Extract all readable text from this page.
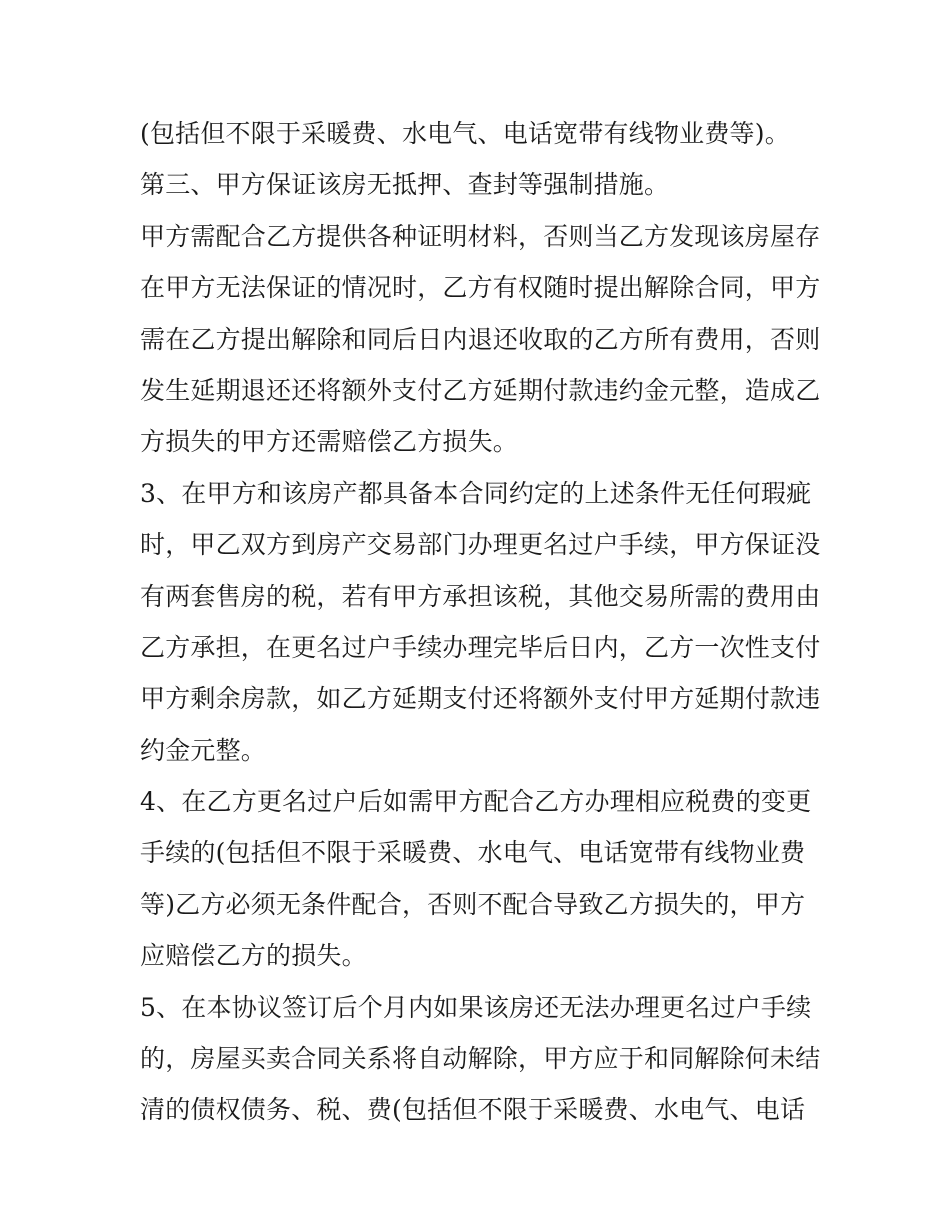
(包括但不限于采暖费、水电气、电话宽带有线物业费等)。
第三、甲方保证该房无抵押、查封等强制措施。
甲方需配合乙方提供各种证明材料，否则当乙方发现该房屋存
在甲方无法保证的情况时，乙方有权随时提出解除合同，甲方
需在乙方提出解除和同后日内退还收取的乙方所有费用，否则
发生延期退还还将额外支付乙方延期付款违约金元整，造成乙
方损失的甲方还需赔偿乙方损失。
3、在甲方和该房产都具备本合同约定的上述条件无任何瑕疵
时，甲乙双方到房产交易部门办理更名过户手续，甲方保证没
有两套售房的税，若有甲方承担该税，其他交易所需的费用由
乙方承担，在更名过户手续办理完毕后日内，乙方一次性支付
甲方剩余房款，如乙方延期支付还将额外支付甲方延期付款违
约金元整。
4、在乙方更名过户后如需甲方配合乙方办理相应税费的变更
手续的(包括但不限于采暖费、水电气、电话宽带有线物业费
等)乙方必须无条件配合，否则不配合导致乙方损失的，甲方
应赔偿乙方的损失。
5、在本协议签订后个月内如果该房还无法办理更名过户手续
的，房屋买卖合同关系将自动解除，甲方应于和同解除何未结
清的债权债务、税、费(包括但不限于采暖费、水电气、电话
